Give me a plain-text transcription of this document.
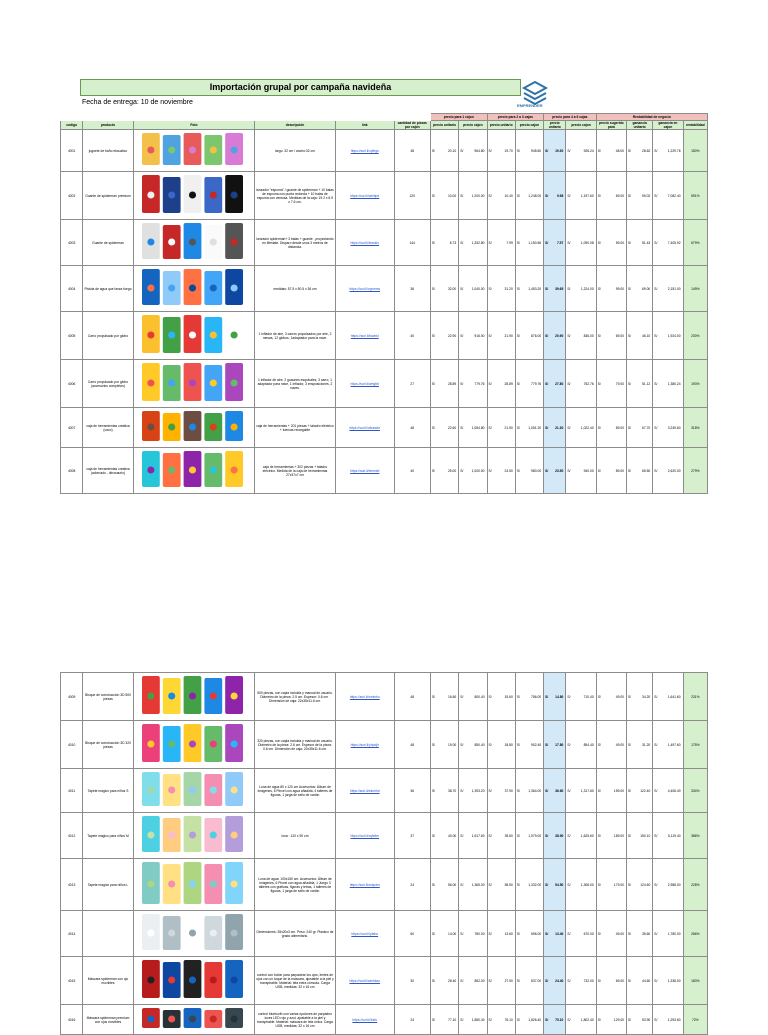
Importación grupal por campaña navideña
Fecha de entrega: 10 de noviembre	EMPRENDER
						precio para 1 cajon		precio para 2 a 3 cajas		precio para 4 a 6 cajas		Rentabilidad de negocio			
codigo	producto	Foto	descripción	link	cantidad de piezas por cajon	precio unitario	precio cajon	precio unitario	precio cajon	precio unitario	precio cajon	precio sugerido para	ganancia unitario	ganancia en cajon	rentabilidad
4001	juguete de baño ekcuatico		largo: 32 cm / ancho:32 cm	https://surl.li/xyfbgs	48	S/ 20.10	S/ 964.80	S/ 19.70	S/ 945.60	S/ 19.30	S/ 926.24	S/ 48.00	S/ 28.62	S/ 1,229.76	150%
4002	Guante de spiderman premium		lanzador "espuma" / guante de spiderman + 10 balas de espuma con punta redonda + 10 balas de espuma con ventosa. Medidas de la caja: 19.2 x 6.9 x 7.6 cm.	https://surl.li/wkhtpd	120	S/ 10.00	S/ 1,200.00	S/ 10.40	S/ 1,248.00	S/ 9.98	S/ 1,197.60	S/ 69.00	S/ 59.02	S/ 7,082.40	591%
4003	Guante de spiderman		lanzador spiderman+ 3 balas + guante , proyectando en lifestate. Disparo desde unos 3 metros de distancia.	https://surl.li/lmwkio	144	S/ 8.73	S/ 1,252.80	S/ 7.99	S/ 1,150.56	S/ 7.57	S/ 1,090.08	S/ 59.00	S/ 51.43	S/ 7,405.92	679%
4004	Pistola de agua que lanza fuego		medidas: 57.5 x 50.5 x 36 cm	https://surl.li/vgxmnw	36	S/ 32.00	S/ 1,040.00	S/ 31.20	S/ 1,453.20	S/ 39.65	S/ 1,224.00	S/ 99.00	S/ 69.00	S/ 2,151.00	149%
4005	Carro propulsado por globo		1 inflador de aire, 3 carros propulsados por aire, 2 mesas, 12 globos, 1adaptador para la nave.	https://surl.li/tswbkt	40	S/ 22.90	S/ 916.00	S/ 21.90	S/ 876.00	S/ 20.90	S/ 836.00	S/ 69.00	S/ 46.10	S/ 1,924.00	230%
4006	Carro propulsado por globo (accesorios completos)		1 inflador de aire, 2 guaunes esquivales, 3 carro, 1 adaptador para nave, 1 inflador, 3 ensposiciones, 2 naves.	https://surl.li/wrtgbb	27	S/ 28.89	S/ 779.76	S/ 28.89	S/ 779.76	S/ 27.80	S/ 752.76	S/ 79.00	S/ 51.12	S/ 1,380.24	193%
4007	caja de herramientas creativa (caco)		caja de herramientas + 201 piezas + taladro eléctrico + tuercas recargable	https://surl.li/dtxaiwkr	48	S/ 22.60	S/ 1,084.80	S/ 21.90	S/ 1,051.20	S/ 21.30	S/ 1,022.40	S/ 89.00	S/ 67.70	S/ 3,249.60	318%
4008	caja de herramientas creativa (adornado - dinosaurio)		caja de herramientas + 302 piezas + taladro eléctrico. Medida de la caja de herramientas 27x37x7 cm	https://surl.li/bmmstf	40	S/ 25.00	S/ 1,000.00	S/ 24.50	S/ 980.00	S/ 23.50	S/ 940.00	S/ 89.00	S/ 65.50	S/ 2,620.00	279%
4009	Bloque de construcción 3D 500 piezas		500 piezas, con capla incluida y manual de usuario. Diámetro de la pieza: 2.5 cm. Espesor: 0.6 cm . Dimensión de caja: 22x35x11.6 cm.	https://surl.li/wmtxbu	48	S/ 16.60	S/ 800.40	S/ 15.60	S/ 756.00	S/ 14.80	S/ 710.40	S/ 49.00	S/ 34.20	S/ 1,641.60	231%
4010	Bloque de construcción 3D 320 piezas		320 piezas, con capla incluida y manual de usuario. Diámetro de la pieza: 2.6 cm. Espesor de la pieza: 0.6 cm. Dimensión de caja: 22x35x11.6 cm.	https://surl.li/yhpdjh	48	S/ 19.00	S/ 850.40	S/ 18.80	S/ 902.40	S/ 17.80	S/ 854.40	S/ 49.00	S/ 31.20	S/ 1,497.60	175%
4011	Tapete magico para niños S		Lona de agua 80 x 120 cm Accesorios: Álbum de imágenes, 6 Pincel con agua añadida, 4 talleres de figuras, 1 jarga de sello de cartón	https://surl.li/wkchhd	36	S/ 38.70	S/ 1,393.20	S/ 37.90	S/ 1,364.00	S/ 36.60	S/ 1,317.60	S/ 159.00	S/ 122.40	S/ 4,406.40	334%
4012	Tapete magico para niños M		lona : 120 x 90 cm	https://surl.li/rqfzftm	37	S/ 40.00	S/ 1,617.60	S/ 39.60	S/ 1,979.00	S/ 38.90	S/ 1,625.60	S/ 189.00	S/ 150.10	S/ 5,119.40	386%
4013	Tapete magico para niños L		Lona de agua: 100x150 cm. Accesorios: Álbum de imágenes, 6 Pincel con agua añadida, 1 Juego 3 talleres con graficas, figuras y letras, 1 talleres de figuras, 1 jarga de sello de cartón	https://surl.li/wntpdm	24	S/ 56.00	S/ 1,365.00	S/ 55.50	S/ 1,332.00	S/ 54.50	S/ 1,308.00	S/ 179.00	S/ 124.60	S/ 2,988.00	228%
4014			Dimensiones: 28x20x3 cm. Peso: 240 gr. Plastico de grado alimentario.	https://surl.li/pfaho	60	S/ 14.00	S/ 780.00	S/ 13.60	S/ 696.00	S/ 13.40	S/ 670.00	S/ 49.00	S/ 35.60	S/ 1,780.00	266%
4015	Máscara spiderman con ojo movibles		control con botón para parpadear los ojos, lentes de ojos con un toque de la máscara, ajustable a la piel y transpirable. Material: tela extra cómoda. Carga USB, medidas: 32 x 16 cm	https://surl.li/wmhkax	30	S/ 28.40	S/ 852.00	S/ 27.90	S/ 837.00	S/ 24.40	S/ 732.00	S/ 69.00	S/ 44.60	S/ 1,338.00	183%
4016	Máscara spiderman premium con ojos movibles		control bluetooth con varias opciones de parpadeo luces LED rojo y azul, ajustable a la piel y transpirable. Material: máscara de tela única. Carga USB, medidas: 32 x 16 cm	https://surl.li/bzfu	24	S/ 77.10	S/ 1,850.40	S/ 76.10	S/ 1,826.40	S/ 75.10	S/ 1,802.40	S/ 129.00	S/ 53.90	S/ 1,293.60	72%
